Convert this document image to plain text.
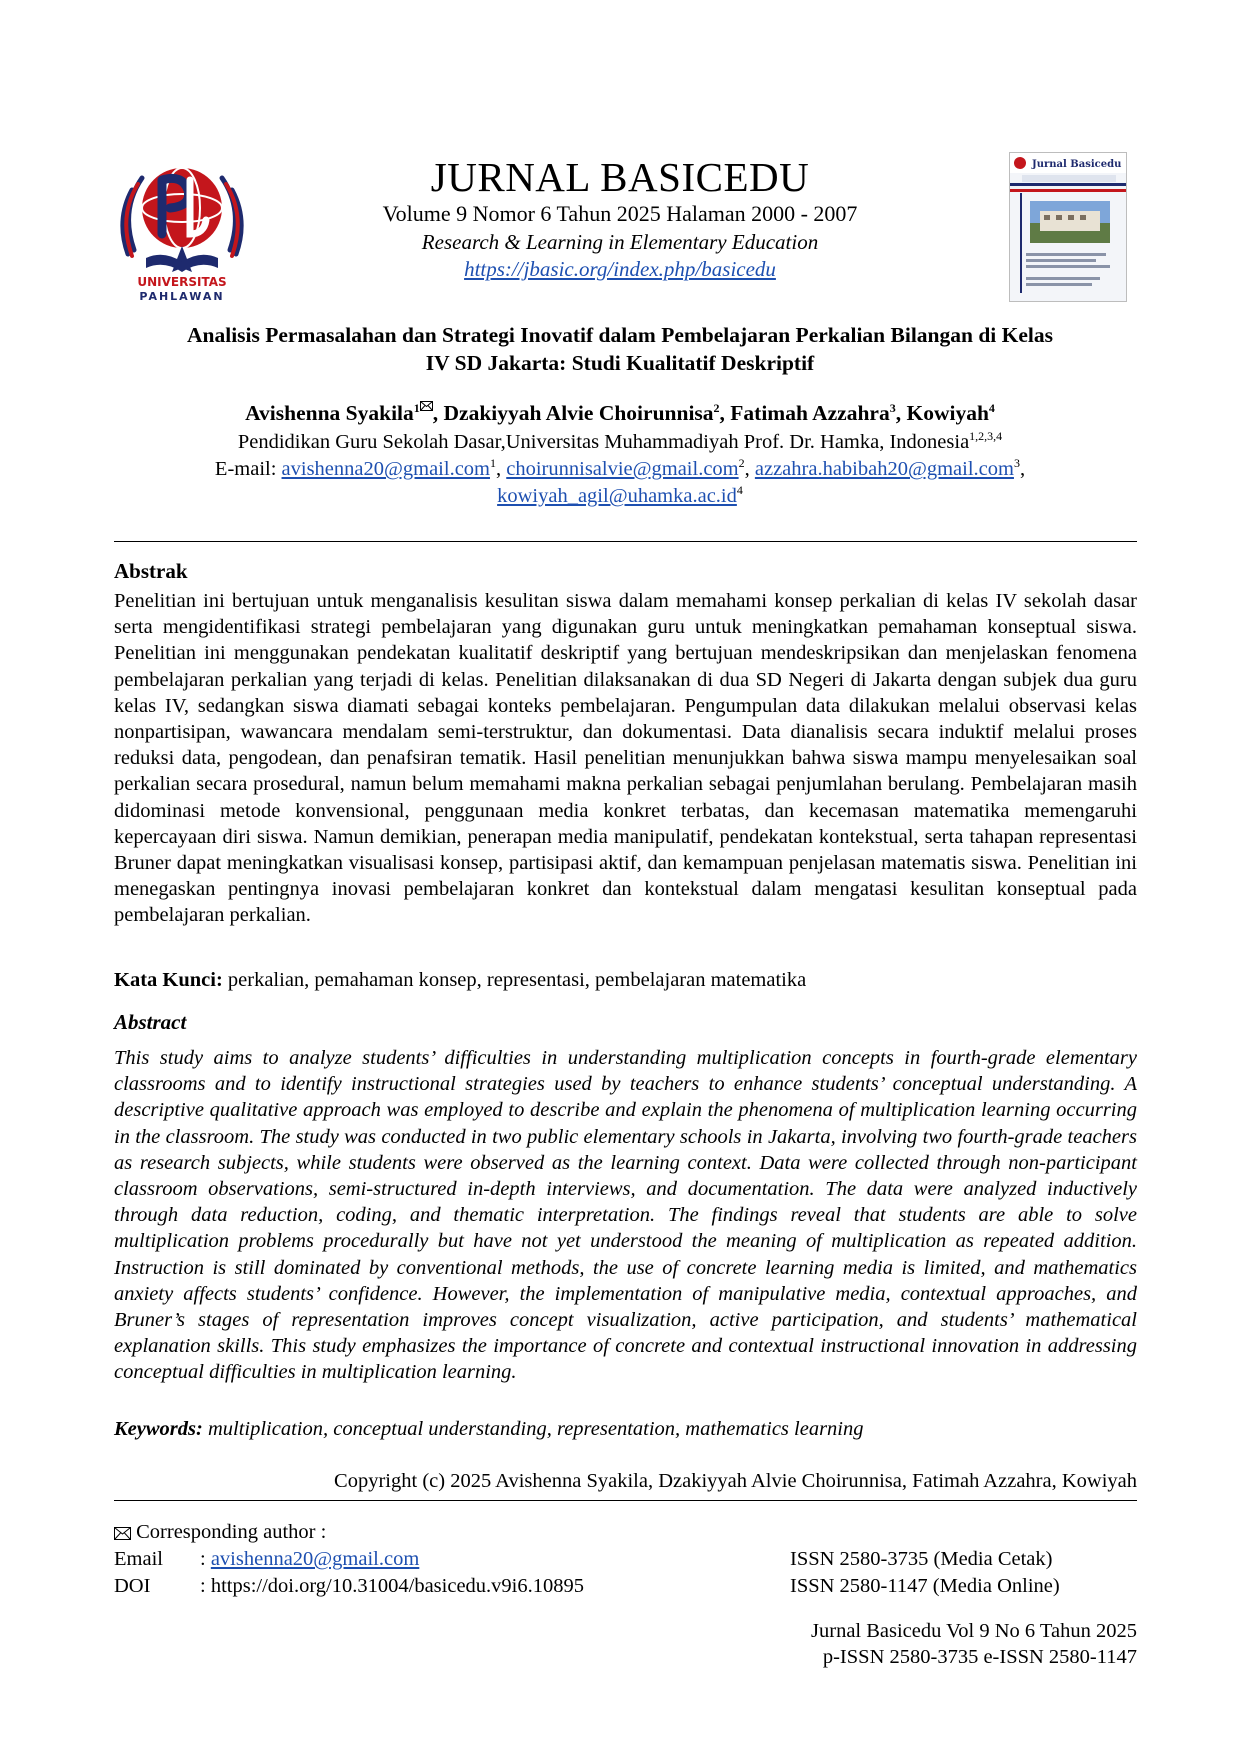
UNIVERSITAS
PAHLAWAN
Jurnal Basicedu
JURNAL BASICEDU
Volume 9 Nomor 6 Tahun 2025 Halaman 2000 - 2007
Research & Learning in Elementary Education
https://jbasic.org/index.php/basicedu
Analisis Permasalahan dan Strategi Inovatif dalam Pembelajaran Perkalian Bilangan di Kelas
IV SD Jakarta: Studi Kualitatif Deskriptif
Avishenna Syakila$^1$ , Dzakiyyah Alvie Choirunnisa$^2$, Fatimah Azzahra$^3$, Kowiyah$^4$
Pendidikan Guru Sekolah Dasar,Universitas Muhammadiyah Prof. Dr. Hamka, Indonesia$^{1,2,3,4}$
E-mail: avishenna20@gmail.com$^1$, choirunnisalvie@gmail.com$^2$, azzahra.habibah20@gmail.com$^3$,
$kowiyah\_agil@uhamka.ac.id^4$
Abstrak
Penelitian ini bertujuan untuk menganalisis kesulitan siswa dalam memahami konsep perkalian di kelas IV sekolah dasar serta mengidentifikasi strategi pembelajaran yang digunakan guru untuk meningkatkan pemahaman konseptual siswa. Penelitian ini menggunakan pendekatan kualitatif deskriptif yang bertujuan mendeskripsikan dan menjelaskan fenomena pembelajaran perkalian yang terjadi di kelas. Penelitian dilaksanakan di dua SD Negeri di Jakarta dengan subjek dua guru kelas IV, sedangkan siswa diamati sebagai konteks pembelajaran. Pengumpulan data dilakukan melalui observasi kelas nonpartisipan, wawancara mendalam semi-terstruktur, dan dokumentasi. Data dianalisis secara induktif melalui proses reduksi data, pengodean, dan penafsiran tematik. Hasil penelitian menunjukkan bahwa siswa mampu menyelesaikan soal perkalian secara prosedural, namun belum memahami makna perkalian sebagai penjumlahan berulang. Pembelajaran masih didominasi metode konvensional, penggunaan media konkret terbatas, dan kecemasan matematika memengaruhi kepercayaan diri siswa. Namun demikian, penerapan media manipulatif, pendekatan kontekstual, serta tahapan representasi Bruner dapat meningkatkan visualisasi konsep, partisipasi aktif, dan kemampuan penjelasan matematis siswa. Penelitian ini menegaskan pentingnya inovasi pembelajaran konkret dan kontekstual dalam mengatasi kesulitan konseptual pada pembelajaran perkalian.
Kata Kunci: perkalian, pemahaman konsep, representasi, pembelajaran matematika
Abstract
This study aims to analyze students’ difficulties in understanding multiplication concepts in fourth-grade elementary classrooms and to identify instructional strategies used by teachers to enhance students’ conceptual understanding. A descriptive qualitative approach was employed to describe and explain the phenomena of multiplication learning occurring in the classroom. The study was conducted in two public elementary schools in Jakarta, involving two fourth-grade teachers as research subjects, while students were observed as the learning context. Data were collected through non-participant classroom observations, semi-structured in-depth interviews, and documentation. The data were analyzed inductively through data reduction, coding, and thematic interpretation. The findings reveal that students are able to solve multiplication problems procedurally but have not yet understood the meaning of multiplication as repeated addition. Instruction is still dominated by conventional methods, the use of concrete learning media is limited, and mathematics anxiety affects students’ confidence. However, the implementation of manipulative media, contextual approaches, and Bruner’s stages of representation improves concept visualization, active participation, and students’ mathematical explanation skills. This study emphasizes the importance of concrete and contextual instructional innovation in addressing conceptual difficulties in multiplication learning.
Keywords: multiplication, conceptual understanding, representation, mathematics learning
Copyright (c) 2025 Avishenna Syakila, Dzakiyyah Alvie Choirunnisa, Fatimah Azzahra, Kowiyah
Corresponding author :
Email : avishenna20@gmail.com
DOI : https://doi.org/10.31004/basicedu.v9i6.10895
ISSN 2580-3735 (Media Cetak)
ISSN 2580-1147 (Media Online)
Jurnal Basicedu Vol 9 No 6 Tahun 2025
p-ISSN 2580-3735 e-ISSN 2580-1147
